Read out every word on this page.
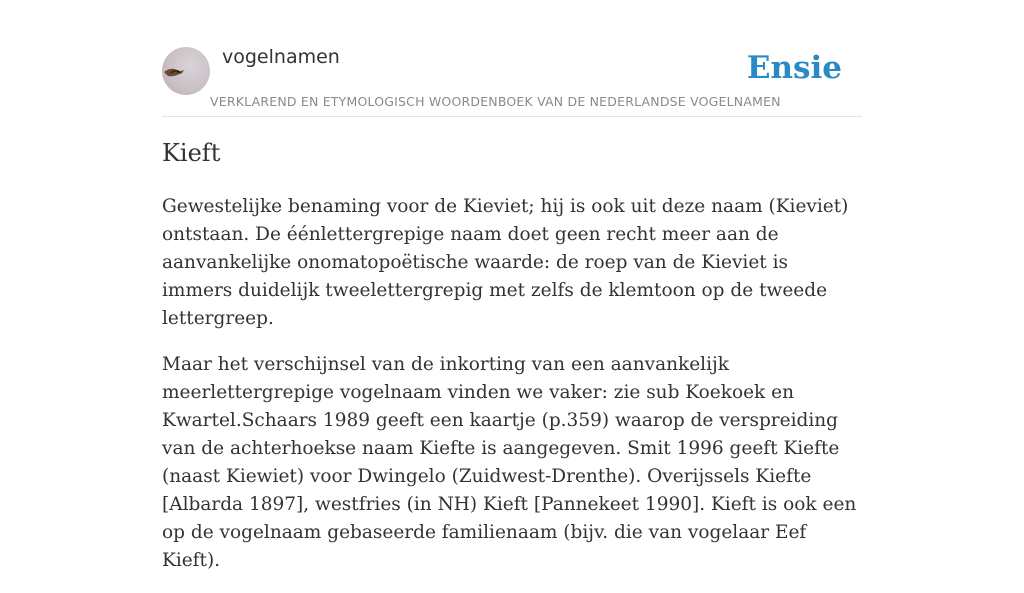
vogelnamen
VERKLAREND EN ETYMOLOGISCH WOORDENBOEK VAN DE NEDERLANDSE VOGELNAMEN
Ensie
Kieft

Gewestelijke benaming voor de Kieviet; hij is ook uit deze naam (Kieviet) ontstaan. De éénlettergrepige naam doet geen recht meer aan de aanvankelijke onomatopoëtische waarde: de roep van de Kieviet is immers duidelijk tweelettergrepig met zelfs de klemtoon op de tweede lettergreep.

Maar het verschijnsel van de inkorting van een aanvankelijk meerlettergrepige vogelnaam vinden we vaker: zie sub Koekoek en Kwartel.Schaars 1989 geeft een kaartje (p.359) waarop de verspreiding van de achterhoekse naam Kiefte is aangegeven. Smit 1996 geeft Kiefte (naast Kiewiet) voor Dwingelo (Zuidwest-Drenthe). Overijssels Kiefte [Albarda 1897], westfries (in NH) Kieft [Pannekeet 1990]. Kieft is ook een op de vogelnaam gebaseerde familienaam (bijv. die van vogelaar Eef Kieft).
